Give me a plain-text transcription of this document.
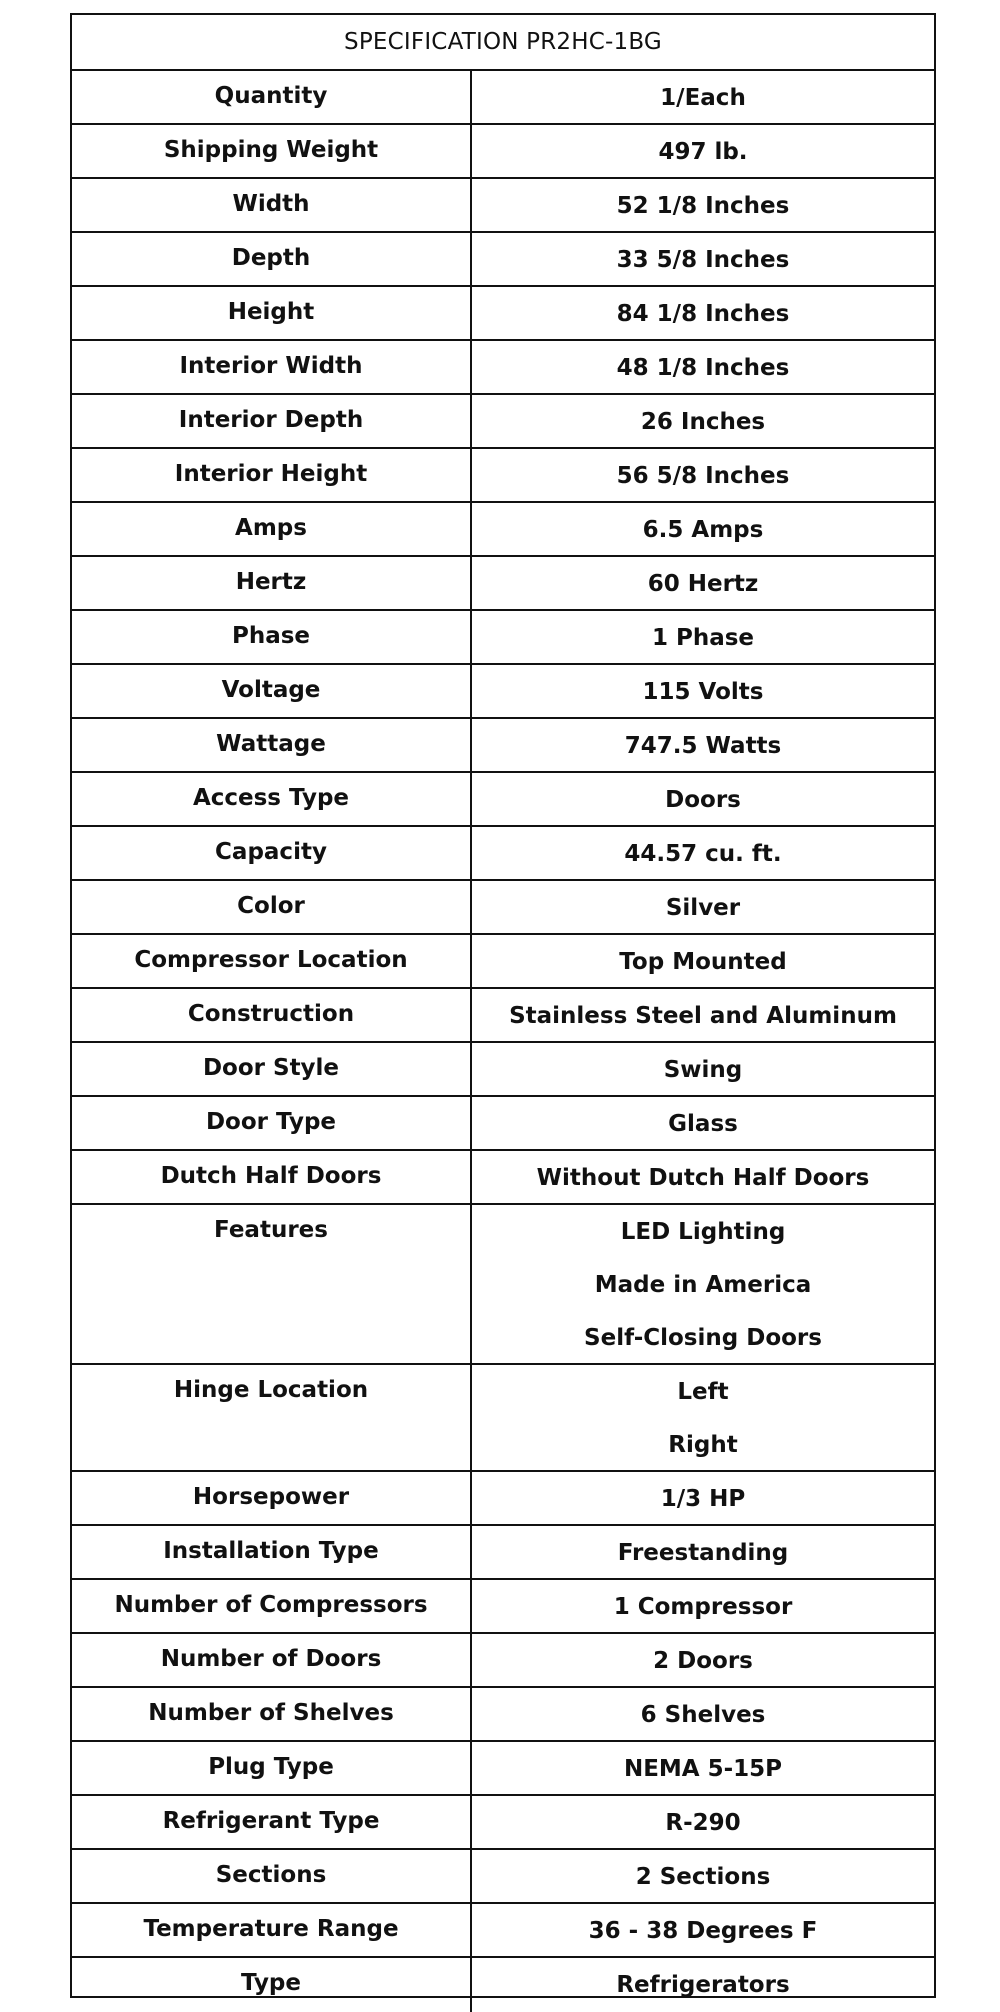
SPECIFICATION PR2HC-1BG
Quantity	1/Each
Shipping Weight	497 lb.
Width	52 1/8 Inches
Depth	33 5/8 Inches
Height	84 1/8 Inches
Interior Width	48 1/8 Inches
Interior Depth	26 Inches
Interior Height	56 5/8 Inches
Amps	6.5 Amps
Hertz	60 Hertz
Phase	1 Phase
Voltage	115 Volts
Wattage	747.5 Watts
Access Type	Doors
Capacity	44.57 cu. ft.
Color	Silver
Compressor Location	Top Mounted
Construction	Stainless Steel and Aluminum
Door Style	Swing
Door Type	Glass
Dutch Half Doors	Without Dutch Half Doors
Features	LED Lighting
Made in America
Self-Closing Doors
Hinge Location	Left
Right
Horsepower	1/3 HP
Installation Type	Freestanding
Number of Compressors	1 Compressor
Number of Doors	2 Doors
Number of Shelves	6 Shelves
Plug Type	NEMA 5-15P
Refrigerant Type	R-290
Sections	2 Sections
Temperature Range	36 - 38 Degrees F
Type	Refrigerators
